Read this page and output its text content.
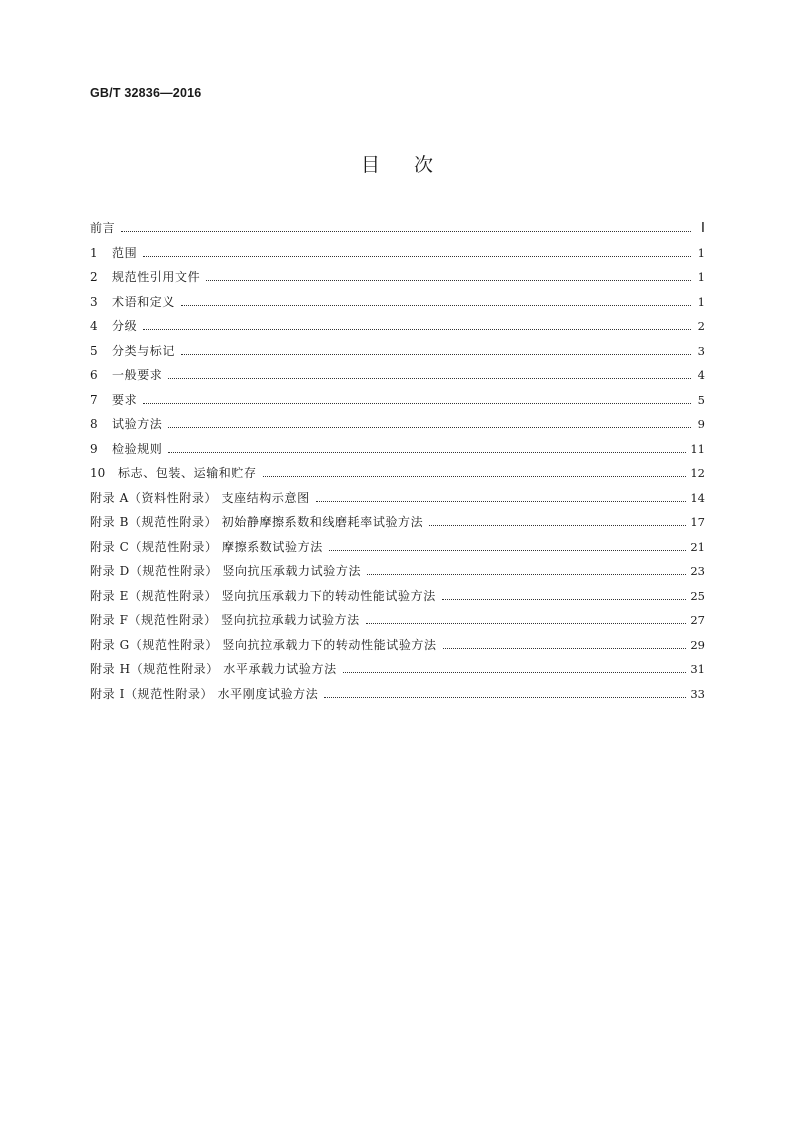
GB/T 32836—2016
目次
前言	Ⅰ
1	范围	1
2	规范性引用文件	1
3	术语和定义	1
4	分级	2
5	分类与标记	3
6	一般要求	4
7	要求	5
8	试验方法	9
9	检验规则	11
10	标志、包装、运输和贮存	12
附录 A（资料性附录） 支座结构示意图	14
附录 B（规范性附录） 初始静摩擦系数和线磨耗率试验方法	17
附录 C（规范性附录） 摩擦系数试验方法	21
附录 D（规范性附录） 竖向抗压承载力试验方法	23
附录 E（规范性附录） 竖向抗压承载力下的转动性能试验方法	25
附录 F（规范性附录） 竖向抗拉承载力试验方法	27
附录 G（规范性附录） 竖向抗拉承载力下的转动性能试验方法	29
附录 H（规范性附录） 水平承载力试验方法	31
附录 I（规范性附录） 水平刚度试验方法	33
